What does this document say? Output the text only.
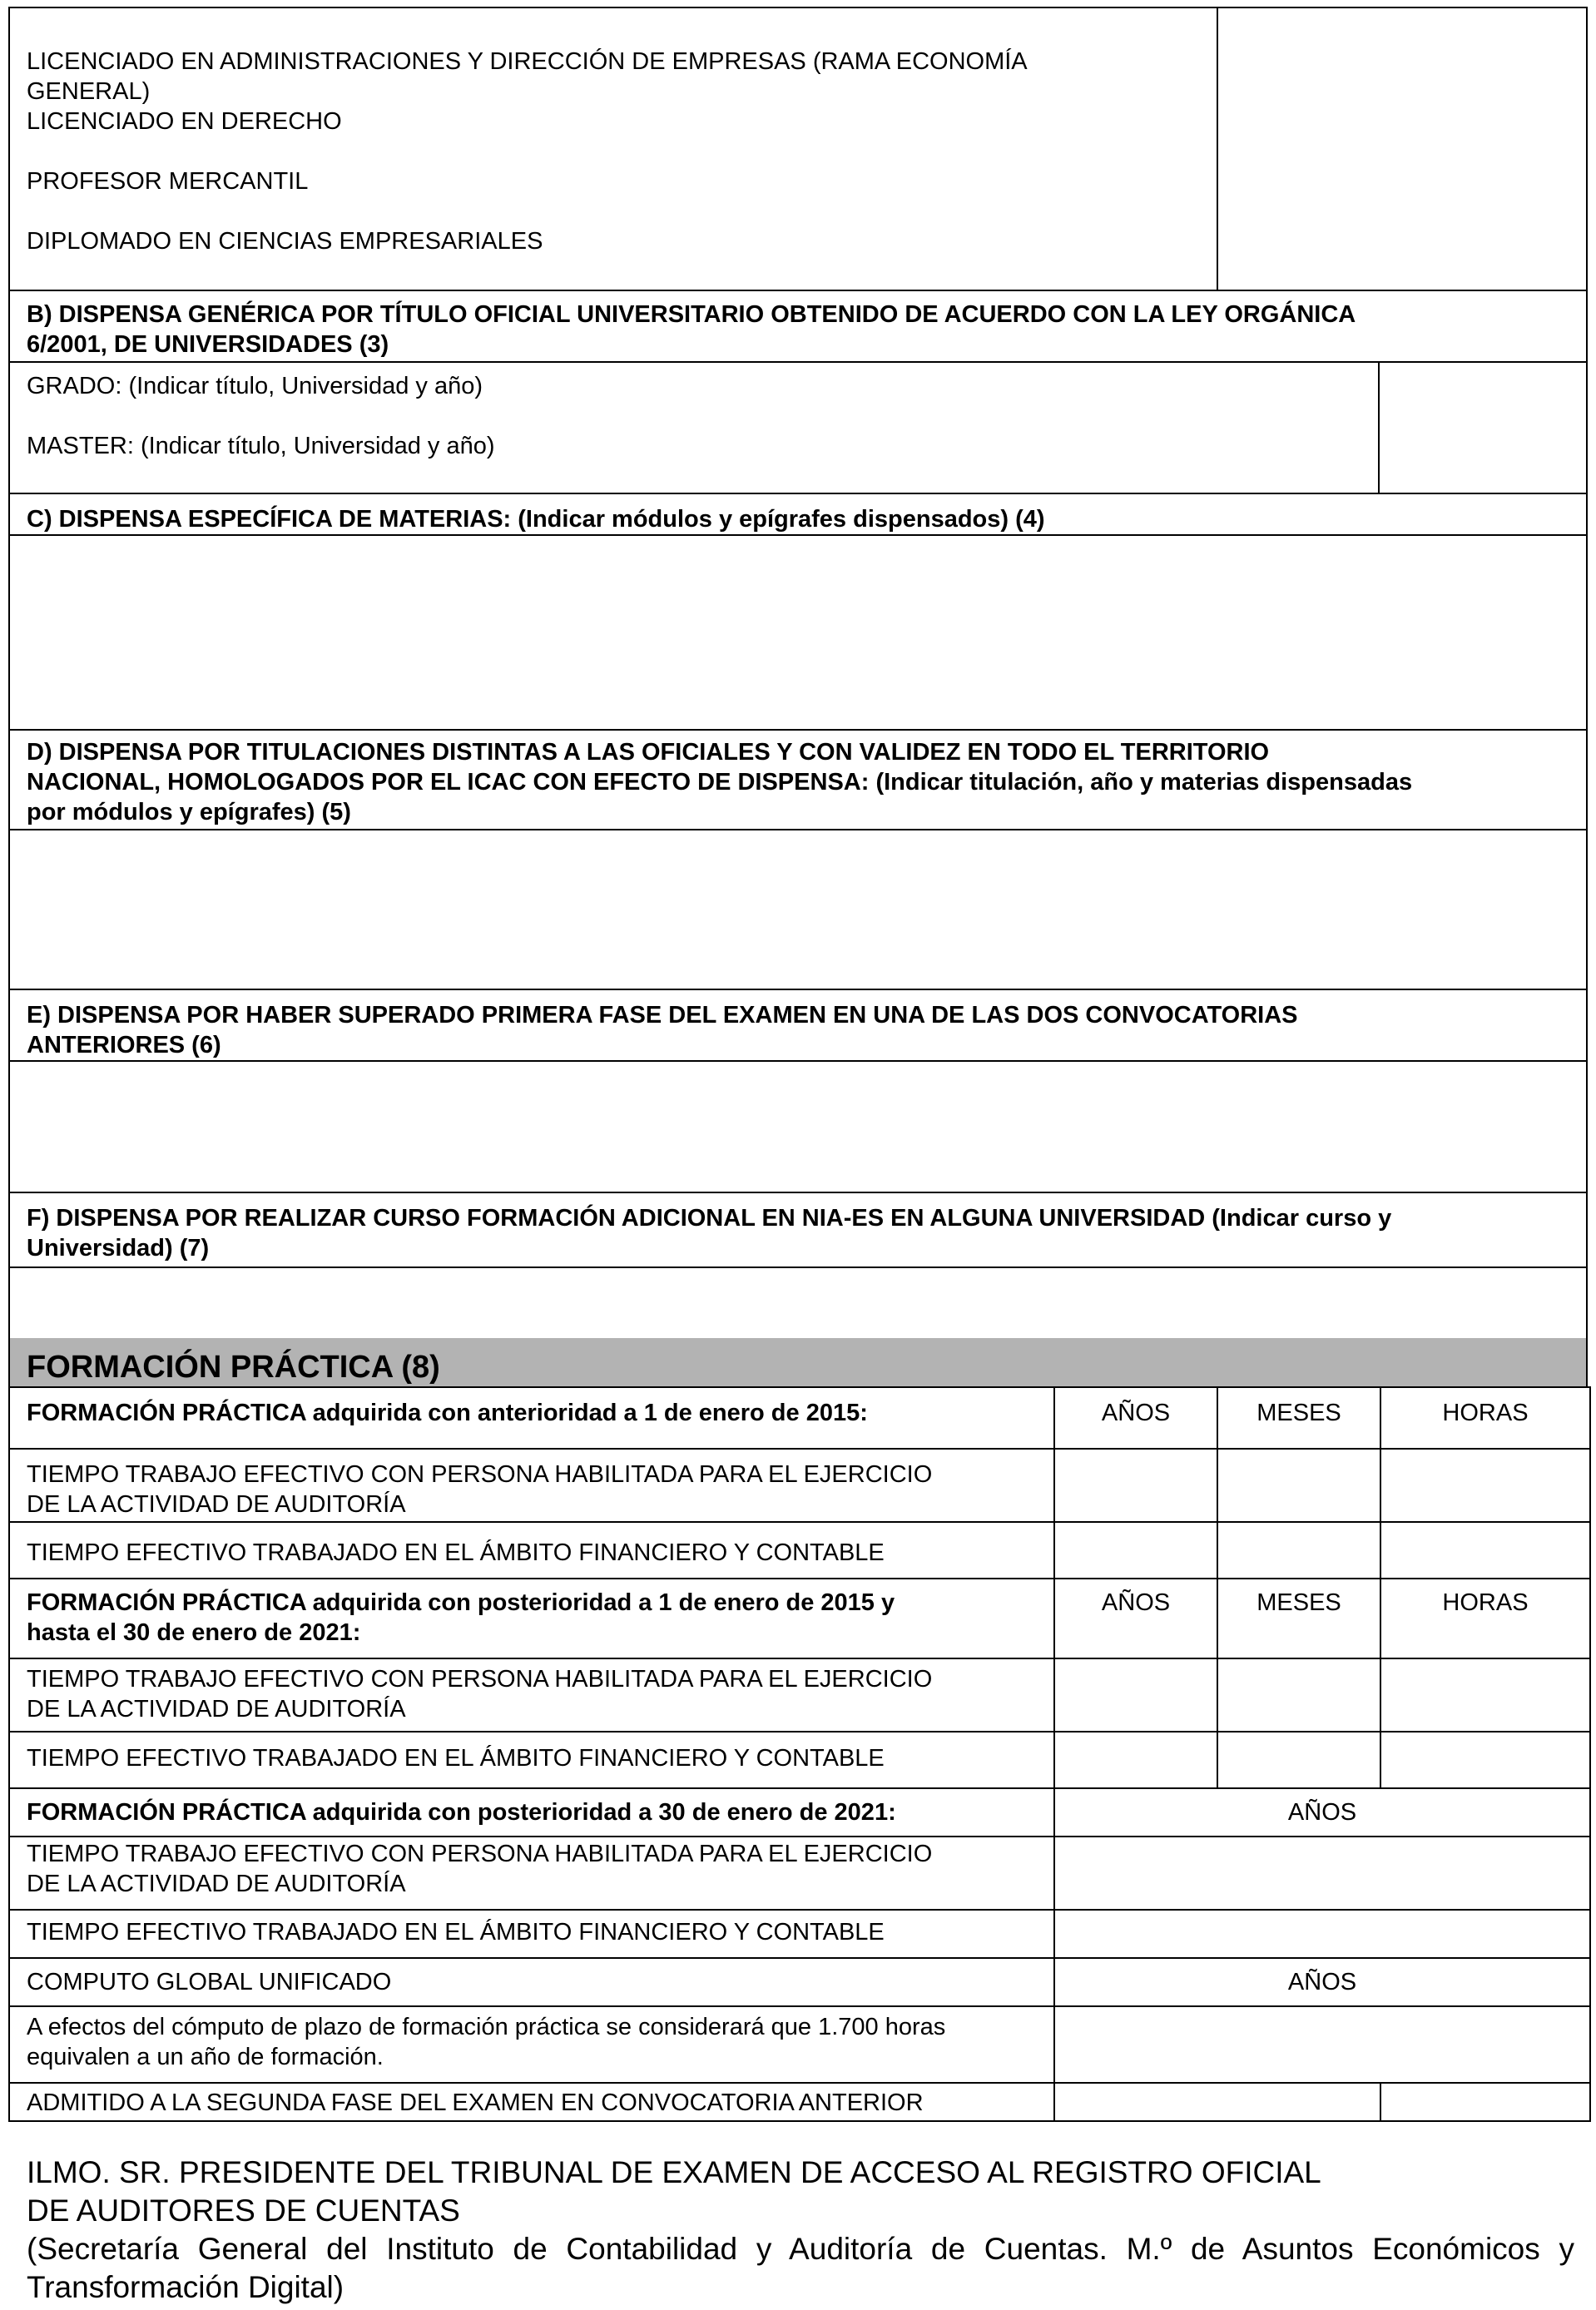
LICENCIADO EN ADMINISTRACIONES Y DIRECCIÓN DE EMPRESAS (RAMA ECONOMÍA
GENERAL)
LICENCIADO EN DERECHO
PROFESOR MERCANTIL
DIPLOMADO EN CIENCIAS EMPRESARIALES
B) DISPENSA GENÉRICA POR TÍTULO OFICIAL UNIVERSITARIO OBTENIDO DE ACUERDO CON LA LEY ORGÁNICA
6/2001, DE UNIVERSIDADES (3)
GRADO: (Indicar título, Universidad y año)
MASTER: (Indicar título, Universidad y año)
C) DISPENSA ESPECÍFICA DE MATERIAS: (Indicar módulos y epígrafes dispensados) (4)
D) DISPENSA POR TITULACIONES DISTINTAS A LAS OFICIALES Y CON VALIDEZ EN TODO EL TERRITORIO
NACIONAL, HOMOLOGADOS POR EL ICAC CON EFECTO DE DISPENSA: (Indicar titulación, año y materias dispensadas
por módulos y epígrafes) (5)
E) DISPENSA POR HABER SUPERADO PRIMERA FASE DEL EXAMEN EN UNA DE LAS DOS CONVOCATORIAS
ANTERIORES (6)
F) DISPENSA POR REALIZAR CURSO FORMACIÓN ADICIONAL EN NIA-ES EN ALGUNA UNIVERSIDAD (Indicar curso y
Universidad) (7)
FORMACIÓN PRÁCTICA (8)
FORMACIÓN PRÁCTICA adquirida con anterioridad a 1 de enero de 2015:	AÑOS	MESES	HORAS
TIEMPO TRABAJO EFECTIVO CON PERSONA HABILITADA PARA EL EJERCICIO
DE LA ACTIVIDAD DE AUDITORÍA
TIEMPO EFECTIVO TRABAJADO EN EL ÁMBITO FINANCIERO Y CONTABLE
FORMACIÓN PRÁCTICA adquirida con posterioridad a 1 de enero de 2015 y
hasta el 30 de enero de 2021:
AÑOS	MESES	HORAS
TIEMPO TRABAJO EFECTIVO CON PERSONA HABILITADA PARA EL EJERCICIO
DE LA ACTIVIDAD DE AUDITORÍA
TIEMPO EFECTIVO TRABAJADO EN EL ÁMBITO FINANCIERO Y CONTABLE
FORMACIÓN PRÁCTICA adquirida con posterioridad a 30 de enero de 2021:	AÑOS
TIEMPO TRABAJO EFECTIVO CON PERSONA HABILITADA PARA EL EJERCICIO
DE LA ACTIVIDAD DE AUDITORÍA
TIEMPO EFECTIVO TRABAJADO EN EL ÁMBITO FINANCIERO Y CONTABLE
COMPUTO GLOBAL UNIFICADO	AÑOS
A efectos del cómputo de plazo de formación práctica se considerará que 1.700 horas
equivalen a un año de formación.
ADMITIDO A LA SEGUNDA FASE DEL EXAMEN EN CONVOCATORIA ANTERIOR
ILMO. SR. PRESIDENTE DEL TRIBUNAL DE EXAMEN DE ACCESO AL REGISTRO OFICIAL
DE AUDITORES DE CUENTAS
(Secretaría General del Instituto de Contabilidad y Auditoría de Cuentas. M.º de Asuntos Económicos y
Transformación Digital)
